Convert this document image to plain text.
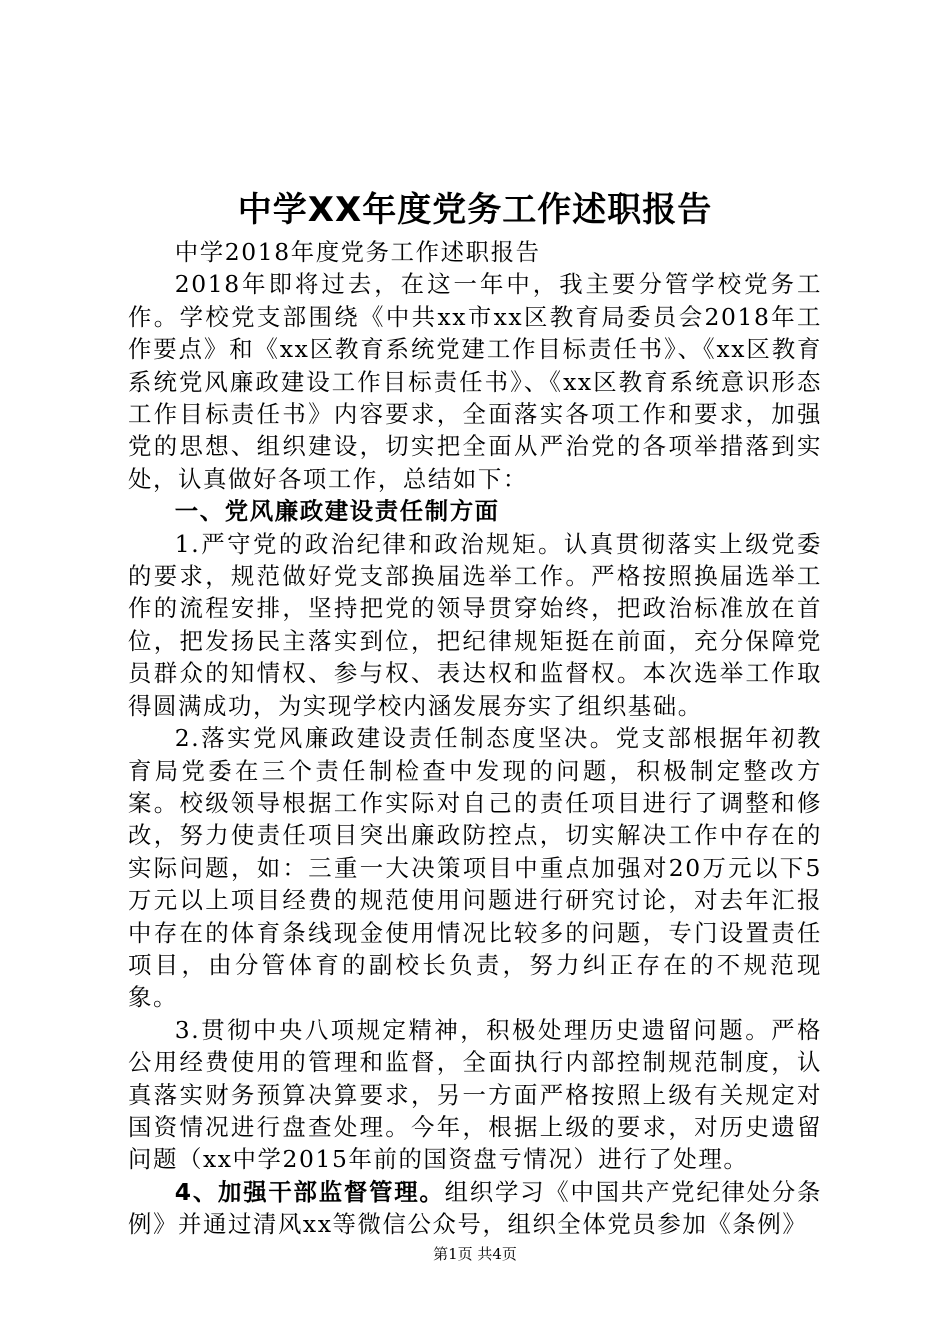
中学XX年度党务工作述职报告

中学2018年度党务工作述职报告

2018年即将过去，在这一年中，我主要分管学校党务工作。学校党支部围绕《中共xx市xx区教育局委员会2018年工作要点》和《xx区教育系统党建工作目标责任书》、《xx区教育系统党风廉政建设工作目标责任书》、《xx区教育系统意识形态工作目标责任书》内容要求，全面落实各项工作和要求，加强党的思想、组织建设，切实把全面从严治党的各项举措落到实处，认真做好各项工作，总结如下：

一、党风廉政建设责任制方面

1.严守党的政治纪律和政治规矩。认真贯彻落实上级党委的要求，规范做好党支部换届选举工作。严格按照换届选举工作的流程安排，坚持把党的领导贯穿始终，把政治标准放在首位，把发扬民主落实到位，把纪律规矩挺在前面，充分保障党员群众的知情权、参与权、表达权和监督权。本次选举工作取得圆满成功，为实现学校内涵发展夯实了组织基础。

2.落实党风廉政建设责任制态度坚决。党支部根据年初教育局党委在三个责任制检查中发现的问题，积极制定整改方案。校级领导根据工作实际对自己的责任项目进行了调整和修改，努力使责任项目突出廉政防控点，切实解决工作中存在的实际问题，如：三重一大决策项目中重点加强对20万元以下5万元以上项目经费的规范使用问题进行研究讨论，对去年汇报中存在的体育条线现金使用情况比较多的问题，专门设置责任项目，由分管体育的副校长负责，努力纠正存在的不规范现象。

3.贯彻中央八项规定精神，积极处理历史遗留问题。严格公用经费使用的管理和监督，全面执行内部控制规范制度，认真落实财务预算决算要求，另一方面严格按照上级有关规定对国资情况进行盘查处理。今年，根据上级的要求，对历史遗留问题（xx中学2015年前的国资盘亏情况）进行了处理。

4、加强干部监督管理。组织学习《中国共产党纪律处分条例》并通过清风xx等微信公众号，组织全体党员参加《条例》

第1页 共4页
